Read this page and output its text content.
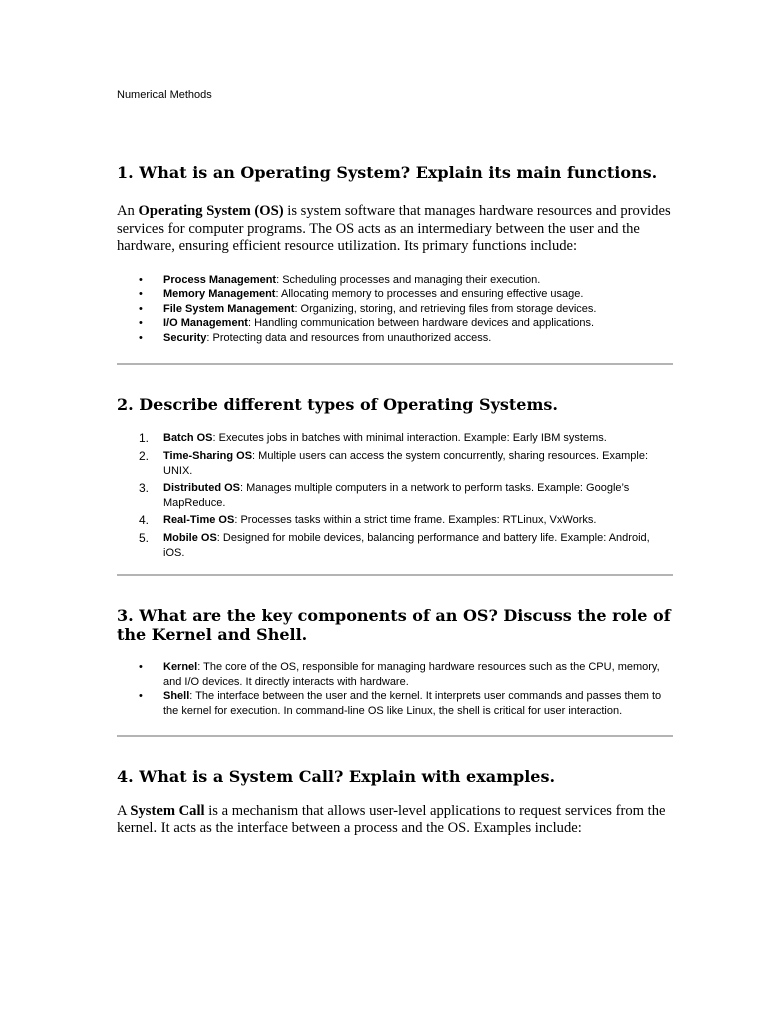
Numerical Methods
1. What is an Operating System? Explain its main functions.

An Operating System (OS) is system software that manages hardware resources and provides services for computer programs. The OS acts as an intermediary between the user and the hardware, ensuring efficient resource utilization. Its primary functions include:

• Process Management: Scheduling processes and managing their execution.
• Memory Management: Allocating memory to processes and ensuring effective usage.
• File System Management: Organizing, storing, and retrieving files from storage devices.
• I/O Management: Handling communication between hardware devices and applications.
• Security: Protecting data and resources from unauthorized access.
2. Describe different types of Operating Systems.
1. Batch OS: Executes jobs in batches with minimal interaction. Example: Early IBM systems.
2. Time-Sharing OS: Multiple users can access the system concurrently, sharing resources. Example: UNIX.
3. Distributed OS: Manages multiple computers in a network to perform tasks. Example: Google’s MapReduce.
4. Real-Time OS: Processes tasks within a strict time frame. Examples: RTLinux, VxWorks.
5. Mobile OS: Designed for mobile devices, balancing performance and battery life. Example: Android, iOS.
3. What are the key components of an OS? Discuss the role of the Kernel and Shell.
• Kernel: The core of the OS, responsible for managing hardware resources such as the CPU, memory, and I/O devices. It directly interacts with hardware.
• Shell: The interface between the user and the kernel. It interprets user commands and passes them to the kernel for execution. In command-line OS like Linux, the shell is critical for user interaction.
4. What is a System Call? Explain with examples.

A System Call is a mechanism that allows user-level applications to request services from the kernel. It acts as the interface between a process and the OS. Examples include:
